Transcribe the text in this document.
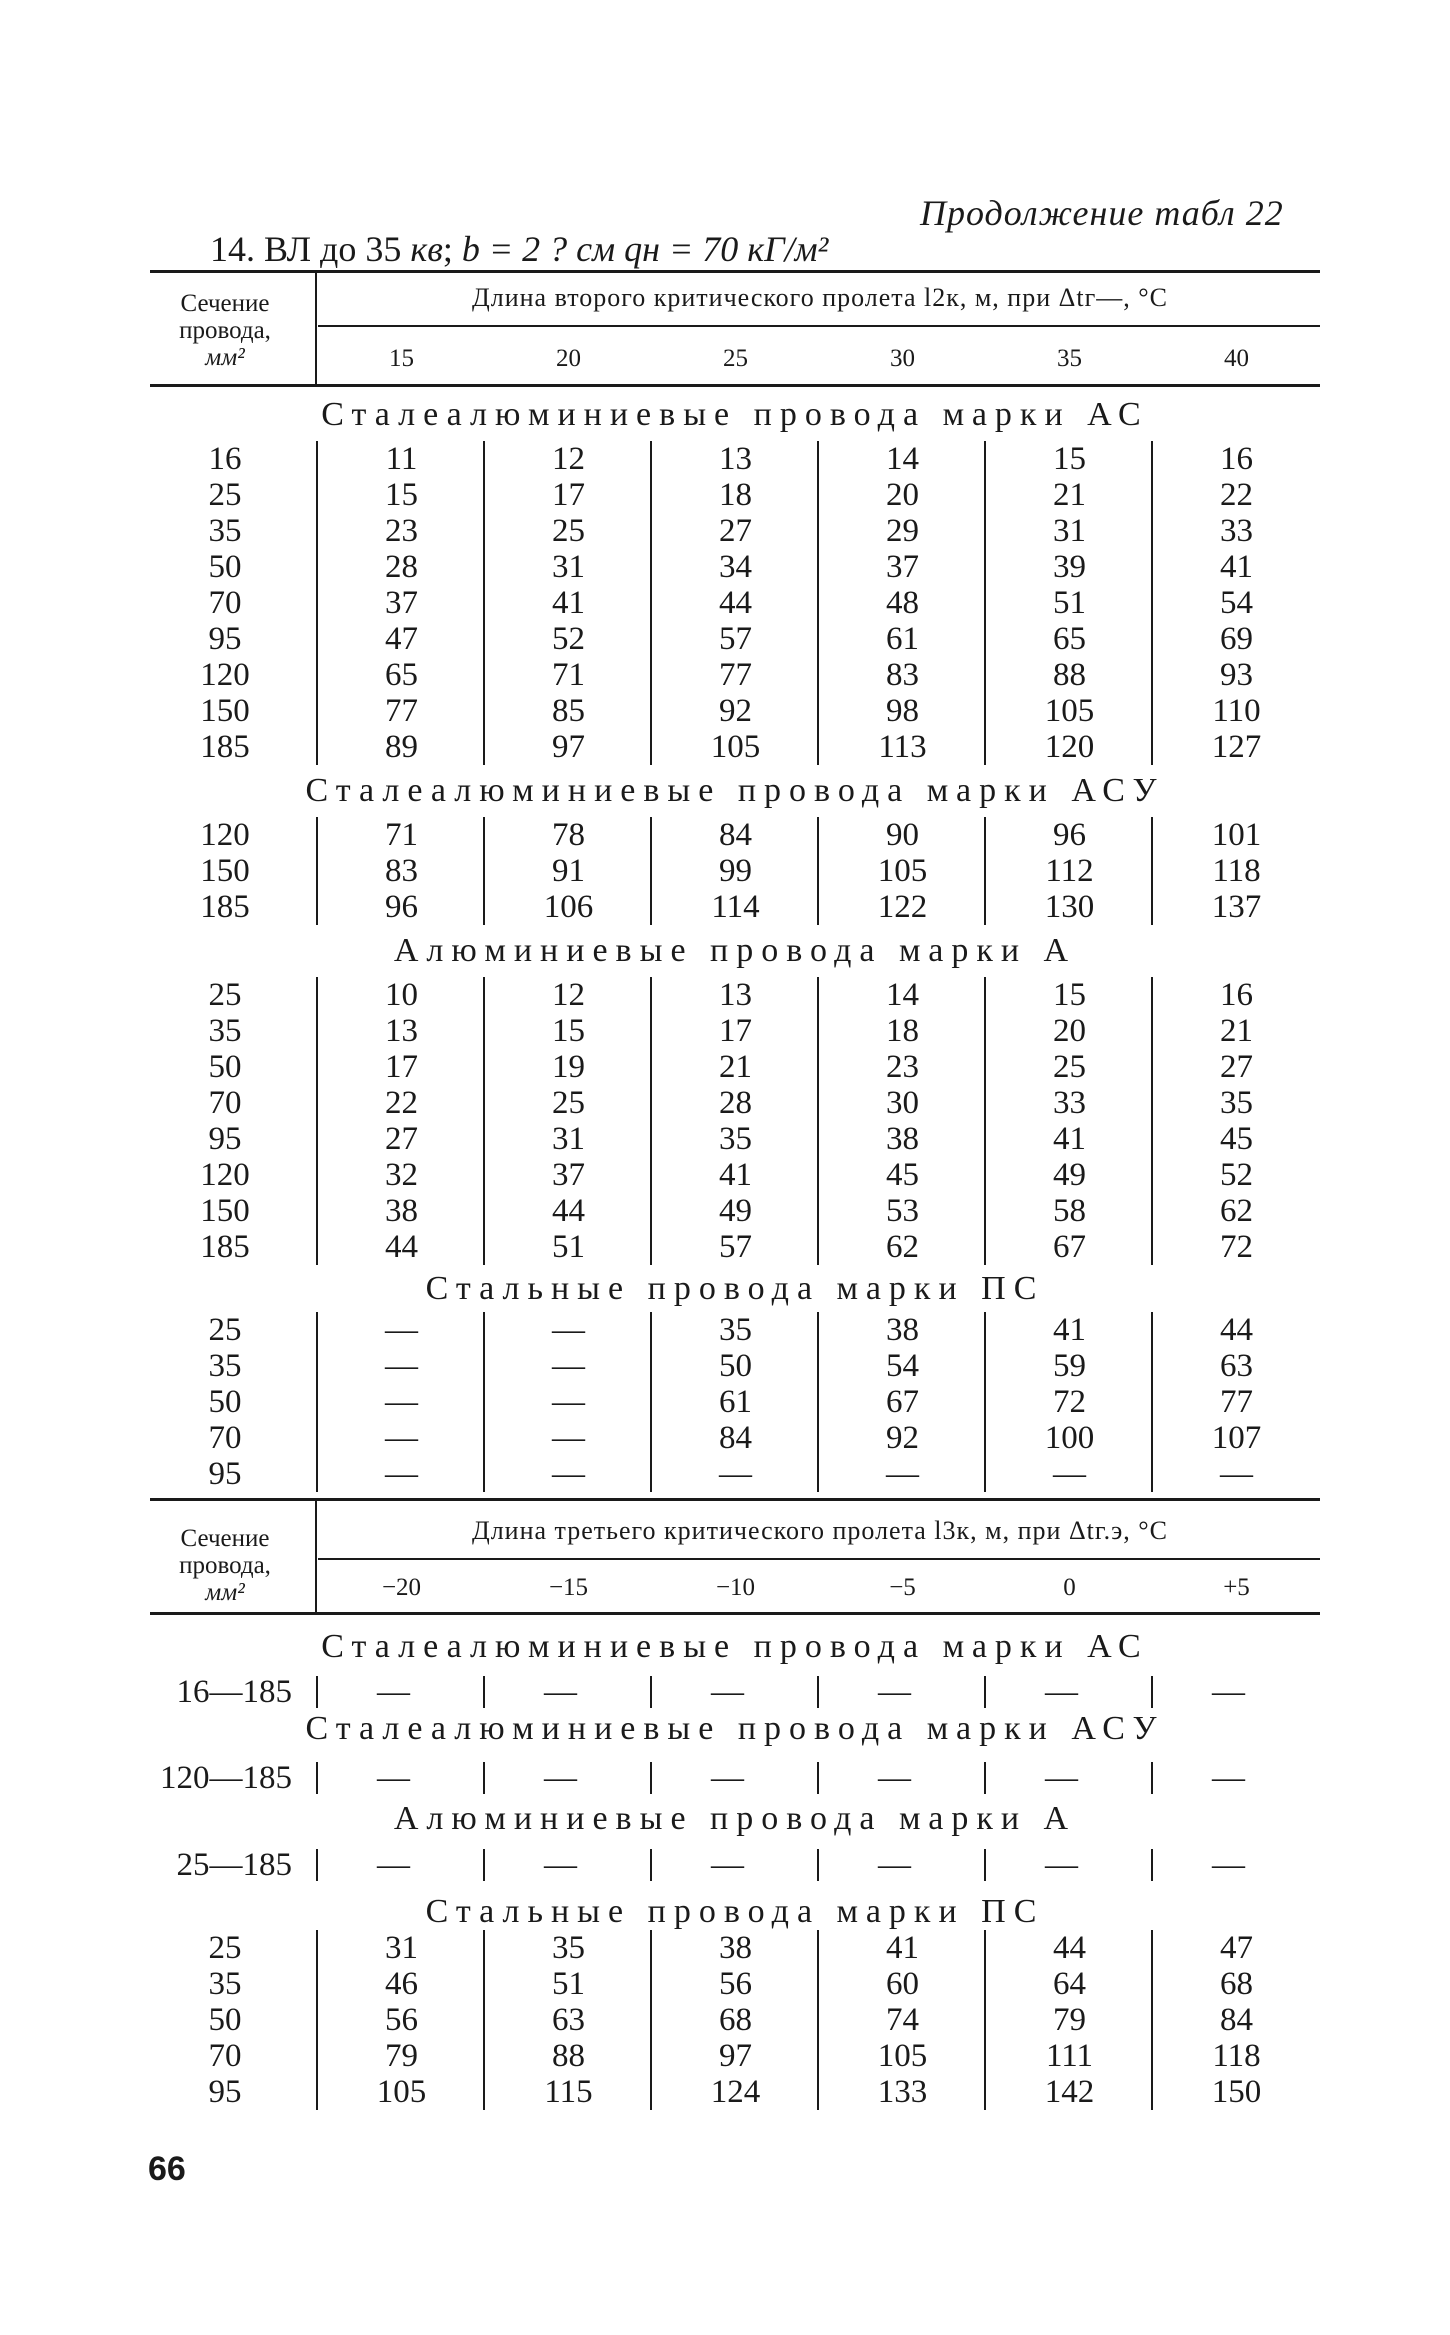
Продолжение табл 22
14. ВЛ до 35 кв; b = 2 ? см qн = 70 кГ/м²
Сечение
провода,
мм²
Длина второго критического пролета l2к, м, при Δtг—, °C
15	20	25	30	35	40
Сталеалюминиевые провода марки АС
16	11	12	13	14	15	16
25	15	17	18	20	21	22
35	23	25	27	29	31	33
50	28	31	34	37	39	41
70	37	41	44	48	51	54
95	47	52	57	61	65	69
120	65	71	77	83	88	93
150	77	85	92	98	105	110
185	89	97	105	113	120	127
Сталеалюминиевые провода марки АСУ
120	71	78	84	90	96	101
150	83	91	99	105	112	118
185	96	106	114	122	130	137
Алюминиевые провода марки А
25	10	12	13	14	15	16
35	13	15	17	18	20	21
50	17	19	21	23	25	27
70	22	25	28	30	33	35
95	27	31	35	38	41	45
120	32	37	41	45	49	52
150	38	44	49	53	58	62
185	44	51	57	62	67	72
Стальные провода марки ПС
25	—	—	35	38	41	44
35	—	—	50	54	59	63
50	—	—	61	67	72	77
70	—	—	84	92	100	107
95	—	—	—	—	—	—
Сечение
провода,
мм²
Длина третьего критического пролета l3к, м, при Δtг.э, °C
−20	−15	−10	−5	0	+5
Сталеалюминиевые провода марки АС
16—185	—	—	—	—	—	—
Сталеалюминиевые провода марки АСУ
120—185	—	—	—	—	—	—
Алюминиевые провода марки А
25—185	—	—	—	—	—	—
Стальные провода марки ПС
25	31	35	38	41	44	47
35	46	51	56	60	64	68
50	56	63	68	74	79	84
70	79	88	97	105	111	118
95	105	115	124	133	142	150
66
